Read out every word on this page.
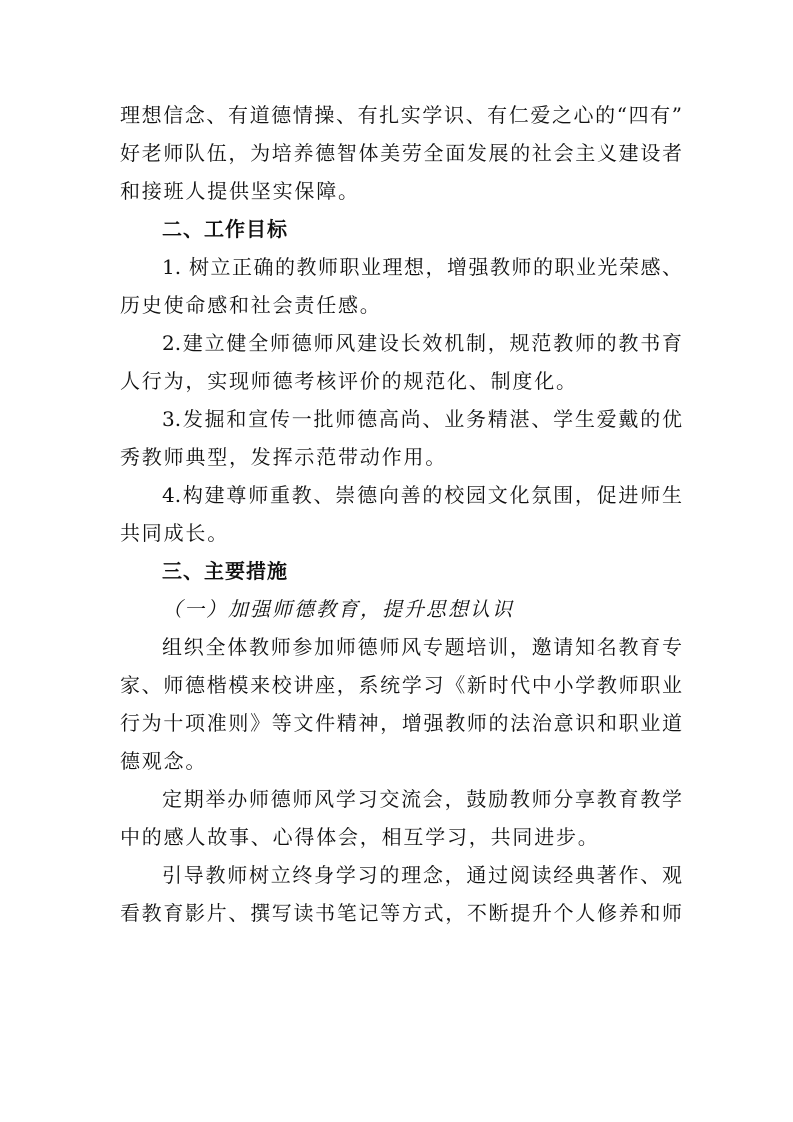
理想信念、有道德情操、有扎实学识、有仁爱之心的“四有”

好老师队伍，为培养德智体美劳全面发展的社会主义建设者

和接班人提供坚实保障。

二、工作目标

1. 树立正确的教师职业理想，增强教师的职业光荣感、

历史使命感和社会责任感。

2.建立健全师德师风建设长效机制，规范教师的教书育

人行为，实现师德考核评价的规范化、制度化。

3.发掘和宣传一批师德高尚、业务精湛、学生爱戴的优

秀教师典型，发挥示范带动作用。

4.构建尊师重教、崇德向善的校园文化氛围，促进师生

共同成长。

三、主要措施

（一）加强师德教育，提升思想认识

组织全体教师参加师德师风专题培训，邀请知名教育专

家、师德楷模来校讲座，系统学习《新时代中小学教师职业

行为十项准则》等文件精神，增强教师的法治意识和职业道

德观念。

定期举办师德师风学习交流会，鼓励教师分享教育教学

中的感人故事、心得体会，相互学习，共同进步。

引导教师树立终身学习的理念，通过阅读经典著作、观

看教育影片、撰写读书笔记等方式，不断提升个人修养和师
